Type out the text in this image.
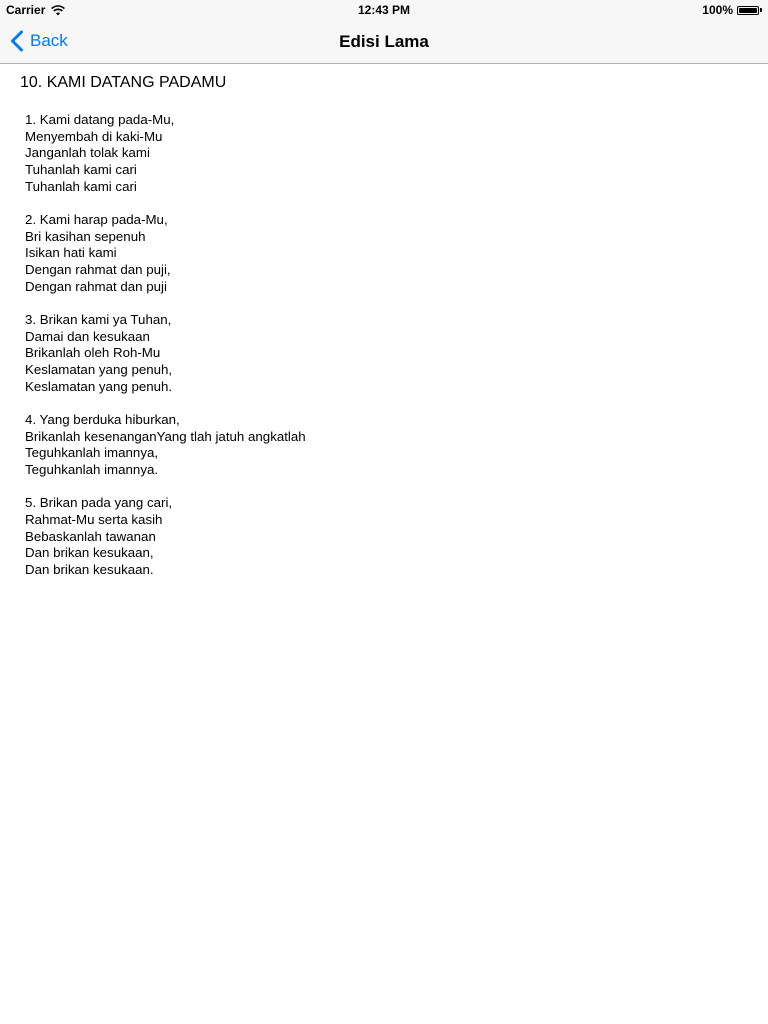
Carrier	12:43 PM	100%
Back	Edisi Lama
10. KAMI DATANG PADAMU
1. Kami datang pada-Mu,
Menyembah di kaki-Mu
Janganlah tolak kami
Tuhanlah kami cari
Tuhanlah kami cari
2. Kami harap pada-Mu,
Bri kasihan sepenuh
Isikan hati kami
Dengan rahmat dan puji,
Dengan rahmat dan puji
3. Brikan kami ya Tuhan,
Damai dan kesukaan
Brikanlah oleh Roh-Mu
Keslamatan yang penuh,
Keslamatan yang penuh.
4. Yang berduka hiburkan,
Brikanlah kesenanganYang tlah jatuh angkatlah
Teguhkanlah imannya,
Teguhkanlah imannya.
5. Brikan pada yang cari,
Rahmat-Mu serta kasih
Bebaskanlah tawanan
Dan brikan kesukaan,
Dan brikan kesukaan.
